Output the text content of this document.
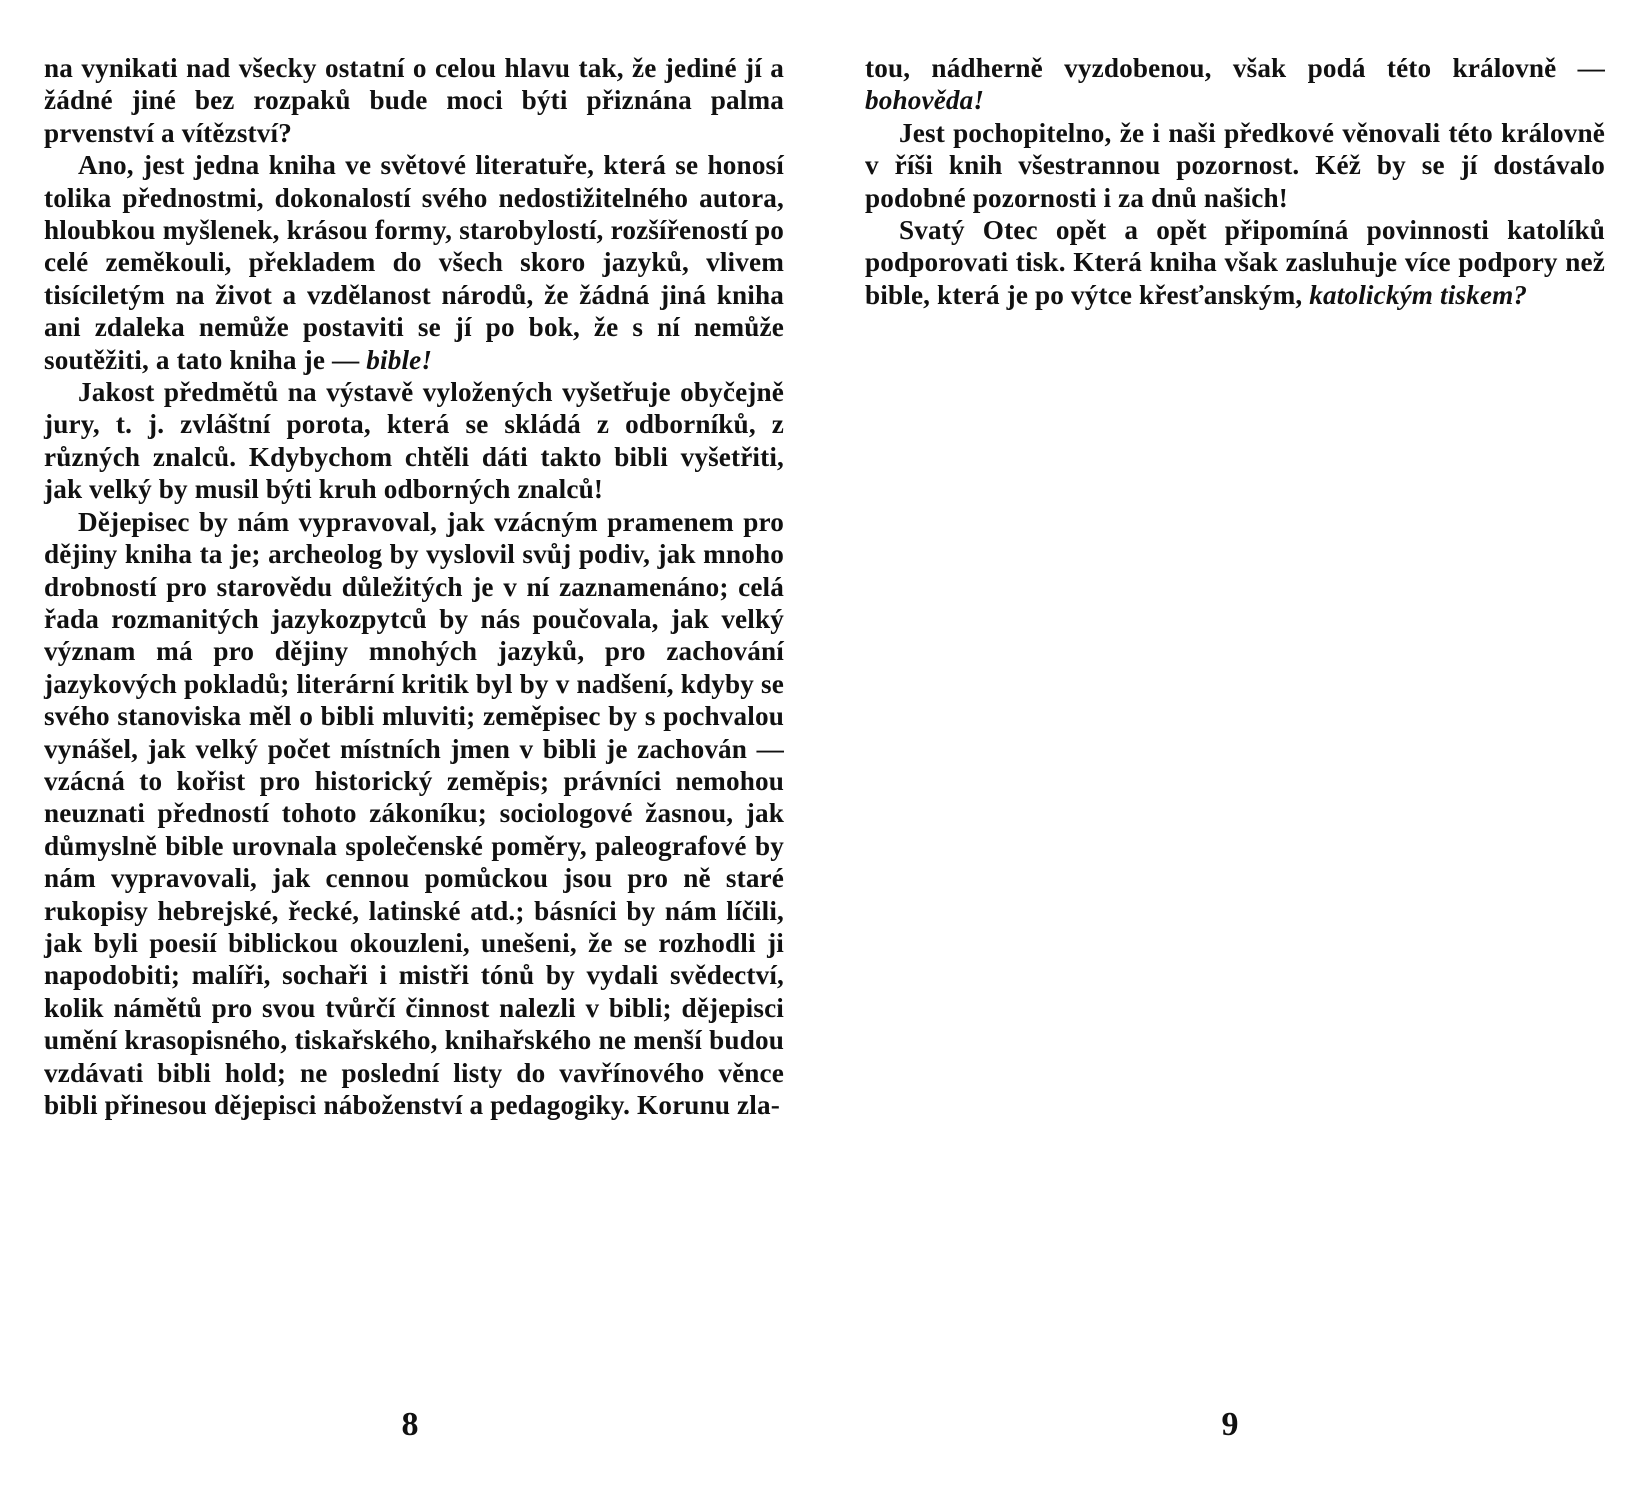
na vynikati nad všecky ostatní o celou hlavu tak, že jediné jí a žádné jiné bez rozpaků bude moci býti přiznána palma prvenství a vítězství?

Ano, jest jedna kniha ve světové literatuře, která se honosí tolika přednostmi, dokonalostí svého nedostižitelného autora, hloubkou myšlenek, krásou formy, starobylostí, rozšířeností po celé zeměkouli, překladem do všech skoro jazyků, vlivem tisíciletým na život a vzdělanost národů, že žádná jiná kniha ani zdaleka nemůže postaviti se jí po bok, že s ní nemůže soutěžiti, a tato kniha je — bible!

Jakost předmětů na výstavě vyložených vyšetřuje obyčejně jury, t. j. zvláštní porota, která se skládá z odborníků, z různých znalců. Kdybychom chtěli dáti takto bibli vyšetřiti, jak velký by musil býti kruh odborných znalců!

Dějepisec by nám vypravoval, jak vzácným pramenem pro dějiny kniha ta je; archeolog by vyslovil svůj podiv, jak mnoho drobností pro starovědu důležitých je v ní zaznamenáno; celá řada rozmanitých jazykozpytců by nás poučovala, jak velký význam má pro dějiny mnohých jazyků, pro zachování jazykových pokladů; literární kritik byl by v nadšení, kdyby se svého stanoviska měl o bibli mluviti; zeměpisec by s pochvalou vynášel, jak velký počet místních jmen v bibli je zachován — vzácná to kořist pro historický zeměpis; právníci nemohou neuznati předností tohoto zákoníku; sociologové žasnou, jak důmyslně bible urovnala společenské poměry, paleografové by nám vypravovali, jak cennou pomůckou jsou pro ně staré rukopisy hebrejské, řecké, latinské atd.; básníci by nám líčili, jak byli poesií biblickou okouzleni, unešeni, že se rozhodli ji napodobiti; malíři, sochaři i mistři tónů by vydali svědectví, kolik námětů pro svou tvůrčí činnost nalezli v bibli; dějepisci umění krasopisného, tiskařského, knihařského ne menší budou vzdávati bibli hold; ne poslední listy do vavřínového věnce bibli přinesou dějepisci náboženství a pedagogiky. Korunu zla-

tou, nádherně vyzdobenou, však podá této královně — bohověda!

Jest pochopitelno, že i naši předkové věnovali této královně v říši knih všestrannou pozornost. Kéž by se jí dostávalo podobné pozornosti i za dnů našich!

Svatý Otec opět a opět připomíná povinnosti katolíků podporovati tisk. Která kniha však zasluhuje více podpory než bible, která je po výtce křesťanským, katolickým tiskem?

8	9
